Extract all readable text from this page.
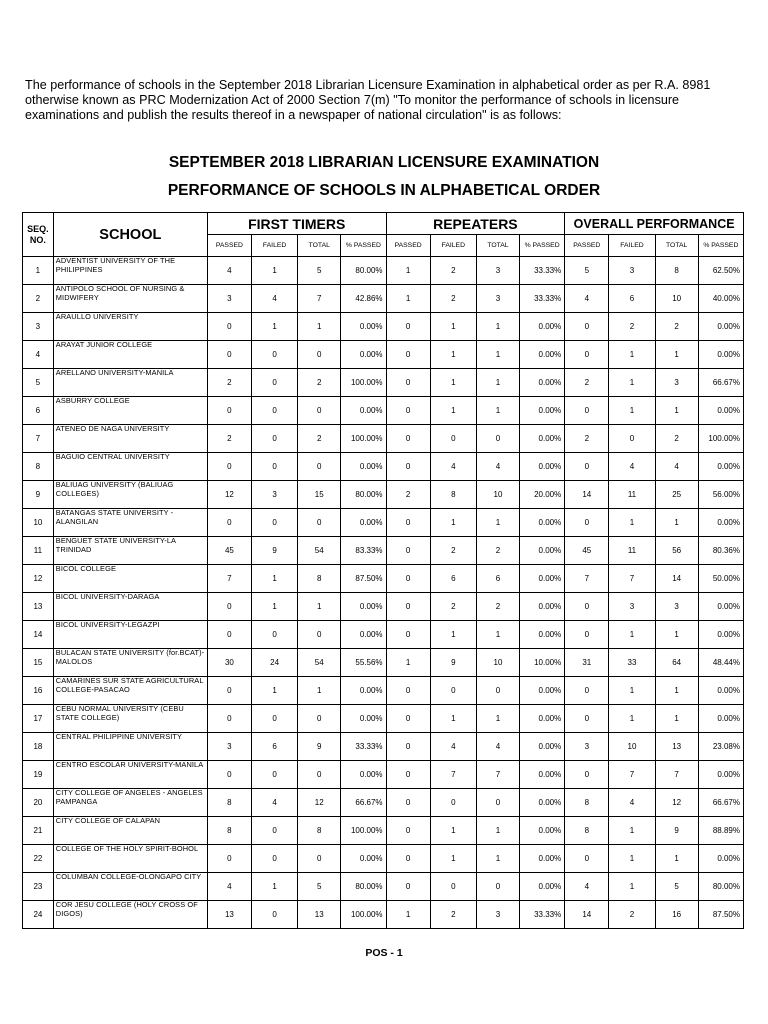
The performance of schools in the September 2018 Librarian Licensure Examination in alphabetical order as per R.A. 8981 otherwise known as PRC Modernization Act of 2000 Section 7(m) "To monitor the performance of schools in licensure examinations and publish the results thereof in a newspaper of national circulation" is as follows:

SEPTEMBER 2018 LIBRARIAN LICENSURE EXAMINATION
PERFORMANCE OF SCHOOLS IN ALPHABETICAL ORDER
SEQ.
NO.	SCHOOL	FIRST TIMERS				REPEATERS				OVERALL PERFORMANCE			
		PASSED	FAILED	TOTAL	% PASSED	PASSED	FAILED	TOTAL	% PASSED	PASSED	FAILED	TOTAL	% PASSED
1	ADVENTIST UNIVERSITY OF THE PHILIPPINES	4	1	5	80.00%	1	2	3	33.33%	5	3	8	62.50%
2	ANTIPOLO SCHOOL OF NURSING & MIDWIFERY	3	4	7	42.86%	1	2	3	33.33%	4	6	10	40.00%
3	ARAULLO UNIVERSITY	0	1	1	0.00%	0	1	1	0.00%	0	2	2	0.00%
4	ARAYAT JUNIOR COLLEGE	0	0	0	0.00%	0	1	1	0.00%	0	1	1	0.00%
5	ARELLANO UNIVERSITY-MANILA	2	0	2	100.00%	0	1	1	0.00%	2	1	3	66.67%
6	ASBURRY COLLEGE	0	0	0	0.00%	0	1	1	0.00%	0	1	1	0.00%
7	ATENEO DE NAGA UNIVERSITY	2	0	2	100.00%	0	0	0	0.00%	2	0	2	100.00%
8	BAGUIO CENTRAL UNIVERSITY	0	0	0	0.00%	0	4	4	0.00%	0	4	4	0.00%
9	BALIUAG UNIVERSITY (BALIUAG COLLEGES)	12	3	15	80.00%	2	8	10	20.00%	14	11	25	56.00%
10	BATANGAS STATE UNIVERSITY - ALANGILAN	0	0	0	0.00%	0	1	1	0.00%	0	1	1	0.00%
11	BENGUET STATE UNIVERSITY-LA TRINIDAD	45	9	54	83.33%	0	2	2	0.00%	45	11	56	80.36%
12	BICOL COLLEGE	7	1	8	87.50%	0	6	6	0.00%	7	7	14	50.00%
13	BICOL UNIVERSITY-DARAGA	0	1	1	0.00%	0	2	2	0.00%	0	3	3	0.00%
14	BICOL UNIVERSITY-LEGAZPI	0	0	0	0.00%	0	1	1	0.00%	0	1	1	0.00%
15	BULACAN STATE UNIVERSITY (for.BCAT)-MALOLOS	30	24	54	55.56%	1	9	10	10.00%	31	33	64	48.44%
16	CAMARINES SUR STATE AGRICULTURAL COLLEGE-PASACAO	0	1	1	0.00%	0	0	0	0.00%	0	1	1	0.00%
17	CEBU NORMAL UNIVERSITY (CEBU STATE COLLEGE)	0	0	0	0.00%	0	1	1	0.00%	0	1	1	0.00%
18	CENTRAL PHILIPPINE UNIVERSITY	3	6	9	33.33%	0	4	4	0.00%	3	10	13	23.08%
19	CENTRO ESCOLAR UNIVERSITY-MANILA	0	0	0	0.00%	0	7	7	0.00%	0	7	7	0.00%
20	CITY COLLEGE OF ANGELES - ANGELES PAMPANGA	8	4	12	66.67%	0	0	0	0.00%	8	4	12	66.67%
21	CITY COLLEGE OF CALAPAN	8	0	8	100.00%	0	1	1	0.00%	8	1	9	88.89%
22	COLLEGE OF THE HOLY SPIRIT-BOHOL	0	0	0	0.00%	0	1	1	0.00%	0	1	1	0.00%
23	COLUMBAN COLLEGE-OLONGAPO CITY	4	1	5	80.00%	0	0	0	0.00%	4	1	5	80.00%
24	COR JESU COLLEGE (HOLY CROSS OF DIGOS)	13	0	13	100.00%	1	2	3	33.33%	14	2	16	87.50%

POS - 1
